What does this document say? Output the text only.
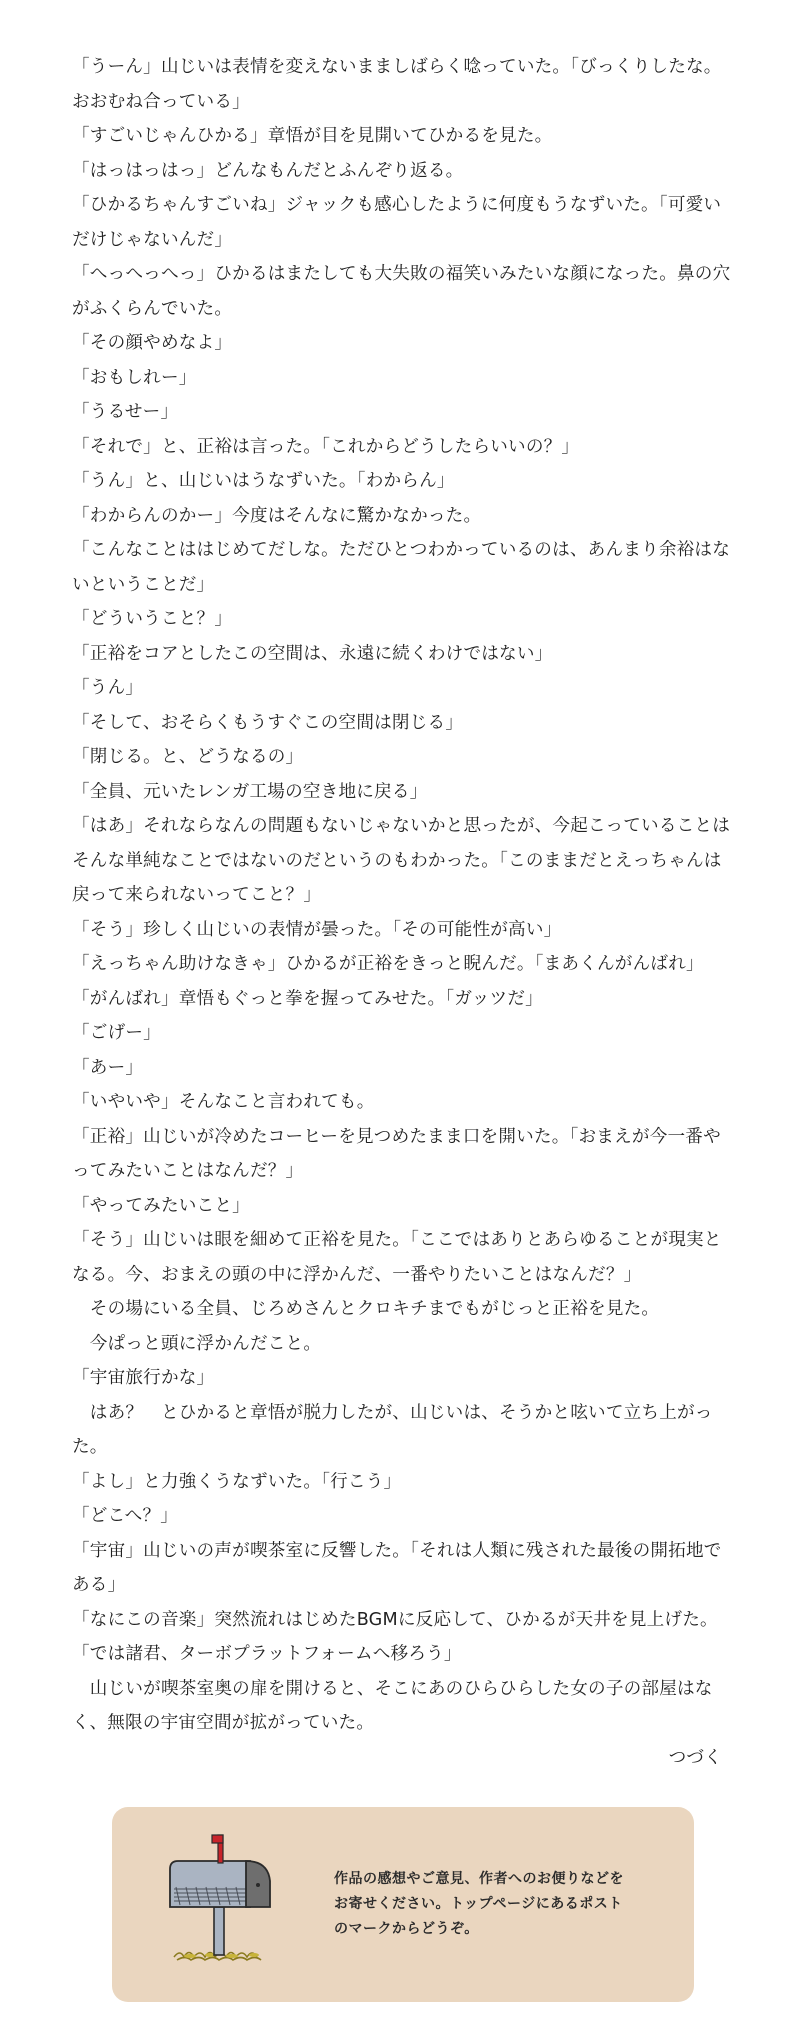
「うーん」山じいは表情を変えないまましばらく唸っていた。「びっくりしたな。おおむね合っている」

「すごいじゃんひかる」章悟が目を見開いてひかるを見た。

「はっはっはっ」どんなもんだとふんぞり返る。

「ひかるちゃんすごいね」ジャックも感心したように何度もうなずいた。「可愛いだけじゃないんだ」

「へっへっへっ」ひかるはまたしても大失敗の福笑いみたいな顔になった。鼻の穴がふくらんでいた。

「その顔やめなよ」

「おもしれー」

「うるせー」

「それで」と、正裕は言った。「これからどうしたらいいの？」

「うん」と、山じいはうなずいた。「わからん」

「わからんのかー」今度はそんなに驚かなかった。

「こんなことははじめてだしな。ただひとつわかっているのは、あんまり余裕はないということだ」

「どういうこと？」

「正裕をコアとしたこの空間は、永遠に続くわけではない」

「うん」

「そして、おそらくもうすぐこの空間は閉じる」

「閉じる。と、どうなるの」

「全員、元いたレンガ工場の空き地に戻る」

「はあ」それならなんの問題もないじゃないかと思ったが、今起こっていることはそんな単純なことではないのだというのもわかった。「このままだとえっちゃんは戻って来られないってこと？」

「そう」珍しく山じいの表情が曇った。「その可能性が高い」

「えっちゃん助けなきゃ」ひかるが正裕をきっと睨んだ。「まあくんがんばれ」

「がんばれ」章悟もぐっと拳を握ってみせた。「ガッツだ」

「ごげー」

「あー」

「いやいや」そんなこと言われても。

「正裕」山じいが冷めたコーヒーを見つめたまま口を開いた。「おまえが今一番やってみたいことはなんだ？」

「やってみたいこと」

「そう」山じいは眼を細めて正裕を見た。「ここではありとあらゆることが現実となる。今、おまえの頭の中に浮かんだ、一番やりたいことはなんだ？」

　その場にいる全員、じろめさんとクロキチまでもがじっと正裕を見た。

　今ぱっと頭に浮かんだこと。

「宇宙旅行かな」

　はあ？　とひかると章悟が脱力したが、山じいは、そうかと呟いて立ち上がった。

「よし」と力強くうなずいた。「行こう」

「どこへ？」

「宇宙」山じいの声が喫茶室に反響した。「それは人類に残された最後の開拓地である」

「なにこの音楽」突然流れはじめたBGMに反応して、ひかるが天井を見上げた。

「では諸君、ターボプラットフォームへ移ろう」

　山じいが喫茶室奥の扉を開けると、そこにあのひらひらした女の子の部屋はなく、無限の宇宙空間が拡がっていた。

つづく

作品の感想やご意見、作者へのお便りなどを

お寄せください。トップページにあるポスト

のマークからどうぞ。
